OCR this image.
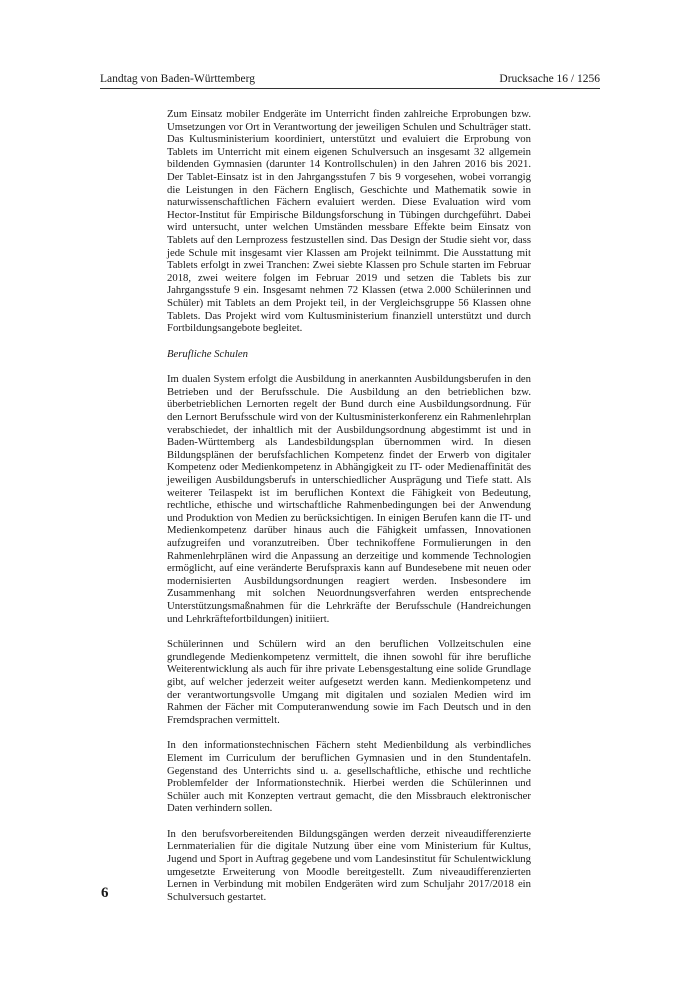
Landtag von Baden-Württemberg	Drucksache 16 / 1256

Zum Einsatz mobiler Endgeräte im Unterricht finden zahlreiche Erprobungen bzw. Umsetzungen vor Ort in Verantwortung der jeweiligen Schulen und Schulträger statt. Das Kultusministerium koordiniert, unterstützt und evaluiert die Erprobung von Tablets im Unterricht mit einem eigenen Schulversuch an insgesamt 32 allgemein bildenden Gymnasien (darunter 14 Kontrollschulen) in den Jahren 2016 bis 2021. Der Tablet-Einsatz ist in den Jahrgangsstufen 7 bis 9 vorgesehen, wobei vorrangig die Leistungen in den Fächern Englisch, Geschichte und Mathematik sowie in naturwissenschaftlichen Fächern evaluiert werden. Diese Evaluation wird vom Hector-Institut für Empirische Bildungsforschung in Tübingen durchgeführt. Dabei wird untersucht, unter welchen Umständen messbare Effekte beim Einsatz von Tablets auf den Lernprozess festzustellen sind. Das Design der Studie sieht vor, dass jede Schule mit insgesamt vier Klassen am Projekt teilnimmt. Die Ausstattung mit Tablets erfolgt in zwei Tranchen: Zwei siebte Klassen pro Schule starten im Februar 2018, zwei weitere folgen im Februar 2019 und setzen die Tablets bis zur Jahrgangsstufe 9 ein. Insgesamt nehmen 72 Klassen (etwa 2.000 Schülerinnen und Schüler) mit Tablets an dem Projekt teil, in der Vergleichsgruppe 56 Klassen ohne Tablets. Das Projekt wird vom Kultusministerium finanziell unterstützt und durch Fortbildungsangebote begleitet.

Berufliche Schulen

Im dualen System erfolgt die Ausbildung in anerkannten Ausbildungsberufen in den Betrieben und der Berufsschule. Die Ausbildung an den betrieblichen bzw. überbetrieblichen Lernorten regelt der Bund durch eine Ausbildungsordnung. Für den Lernort Berufsschule wird von der Kultusministerkonferenz ein Rahmenlehrplan verabschiedet, der inhaltlich mit der Ausbildungsordnung abgestimmt ist und in Baden-Württemberg als Landesbildungsplan übernommen wird. In diesen Bildungsplänen der berufsfachlichen Kompetenz findet der Erwerb von digitaler Kompetenz oder Medienkompetenz in Abhängigkeit zu IT- oder Medienaffinität des jeweiligen Ausbildungsberufs in unterschiedlicher Ausprägung und Tiefe statt. Als weiterer Teilaspekt ist im beruflichen Kontext die Fähigkeit von Bedeutung, rechtliche, ethische und wirtschaftliche Rahmenbedingungen bei der Anwendung und Produktion von Medien zu berücksichtigen. In einigen Berufen kann die IT- und Medienkompetenz darüber hinaus auch die Fähigkeit umfassen, Innovationen aufzugreifen und voranzutreiben. Über technikoffene Formulierungen in den Rahmenlehrplänen wird die Anpassung an derzeitige und kommende Technologien ermöglicht, auf eine veränderte Berufspraxis kann auf Bundesebene mit neuen oder modernisierten Ausbildungsordnungen reagiert werden. Insbesondere im Zusammenhang mit solchen Neuordnungsverfahren werden entsprechende Unterstützungsmaßnahmen für die Lehrkräfte der Berufsschule (Handreichungen und Lehrkräftefortbildungen) initiiert.

Schülerinnen und Schülern wird an den beruflichen Vollzeitschulen eine grundlegende Medienkompetenz vermittelt, die ihnen sowohl für ihre berufliche Weiterentwicklung als auch für ihre private Lebensgestaltung eine solide Grundlage gibt, auf welcher jederzeit weiter aufgesetzt werden kann. Medienkompetenz und der verantwortungsvolle Umgang mit digitalen und sozialen Medien wird im Rahmen der Fächer mit Computeranwendung sowie im Fach Deutsch und in den Fremdsprachen vermittelt.

In den informationstechnischen Fächern steht Medienbildung als verbindliches Element im Curriculum der beruflichen Gymnasien und in den Stundentafeln. Gegenstand des Unterrichts sind u. a. gesellschaftliche, ethische und rechtliche Problemfelder der Informationstechnik. Hierbei werden die Schülerinnen und Schüler auch mit Konzepten vertraut gemacht, die den Missbrauch elektronischer Daten verhindern sollen.

In den berufsvorbereitenden Bildungsgängen werden derzeit niveaudifferenzierte Lernmaterialien für die digitale Nutzung über eine vom Ministerium für Kultus, Jugend und Sport in Auftrag gegebene und vom Landesinstitut für Schulentwicklung umgesetzte Erweiterung von Moodle bereitgestellt. Zum niveaudifferenzierten Lernen in Verbindung mit mobilen Endgeräten wird zum Schuljahr 2017/2018 ein Schulversuch gestartet.

6
